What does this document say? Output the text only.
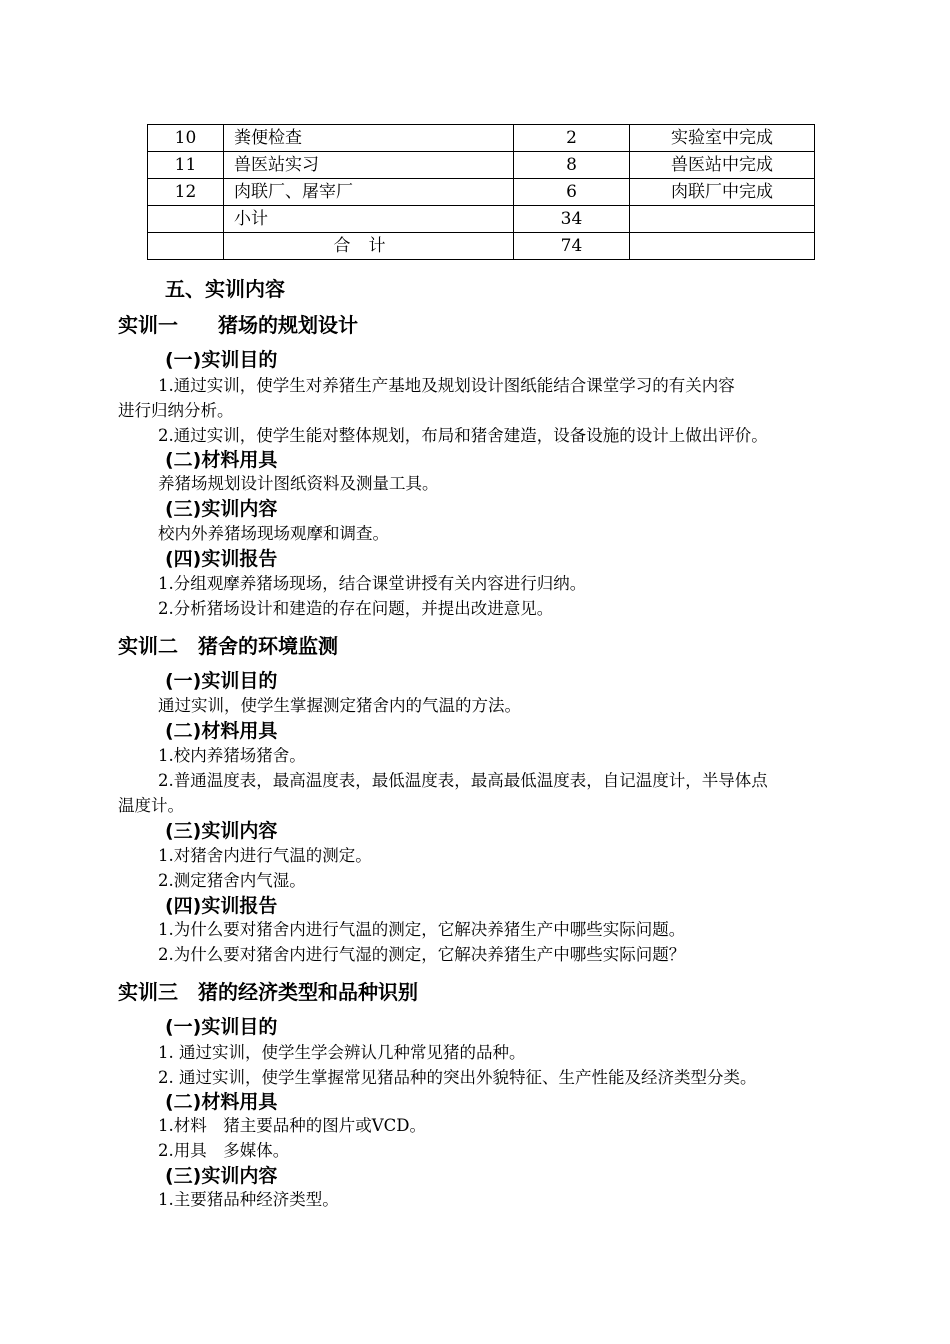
10	粪便检查	2	实验室中完成
11	兽医站实习	8	兽医站中完成
12	肉联厂、屠宰厂	6	肉联厂中完成
	小计	34	
	合计	74	
五、实训内容
实训一　　猪场的规划设计
(一)实训目的
1.通过实训，使学生对养猪生产基地及规划设计图纸能结合课堂学习的有关内容
进行归纳分析。
2.通过实训，使学生能对整体规划，布局和猪舍建造，设备设施的设计上做出评价。
(二)材料用具
养猪场规划设计图纸资料及测量工具。
(三)实训内容
校内外养猪场现场观摩和调查。
(四)实训报告
1.分组观摩养猪场现场，结合课堂讲授有关内容进行归纳。
2.分析猪场设计和建造的存在问题，并提出改进意见。
实训二　猪舍的环境监测
(一)实训目的
通过实训，使学生掌握测定猪舍内的气温的方法。
(二)材料用具
1.校内养猪场猪舍。
2.普通温度表，最高温度表，最低温度表，最高最低温度表，自记温度计，半导体点
温度计。
(三)实训内容
1.对猪舍内进行气温的测定。
2.测定猪舍内气湿。
(四)实训报告
1.为什么要对猪舍内进行气温的测定，它解决养猪生产中哪些实际问题。
2.为什么要对猪舍内进行气湿的测定，它解决养猪生产中哪些实际问题？
实训三　猪的经济类型和品种识别
(一)实训目的
1. 通过实训，使学生学会辨认几种常见猪的品种。
2. 通过实训，使学生掌握常见猪品种的突出外貌特征、生产性能及经济类型分类。
(二)材料用具
1.材料　猪主要品种的图片或VCD。
2.用具　多媒体。
(三)实训内容
1.主要猪品种经济类型。
